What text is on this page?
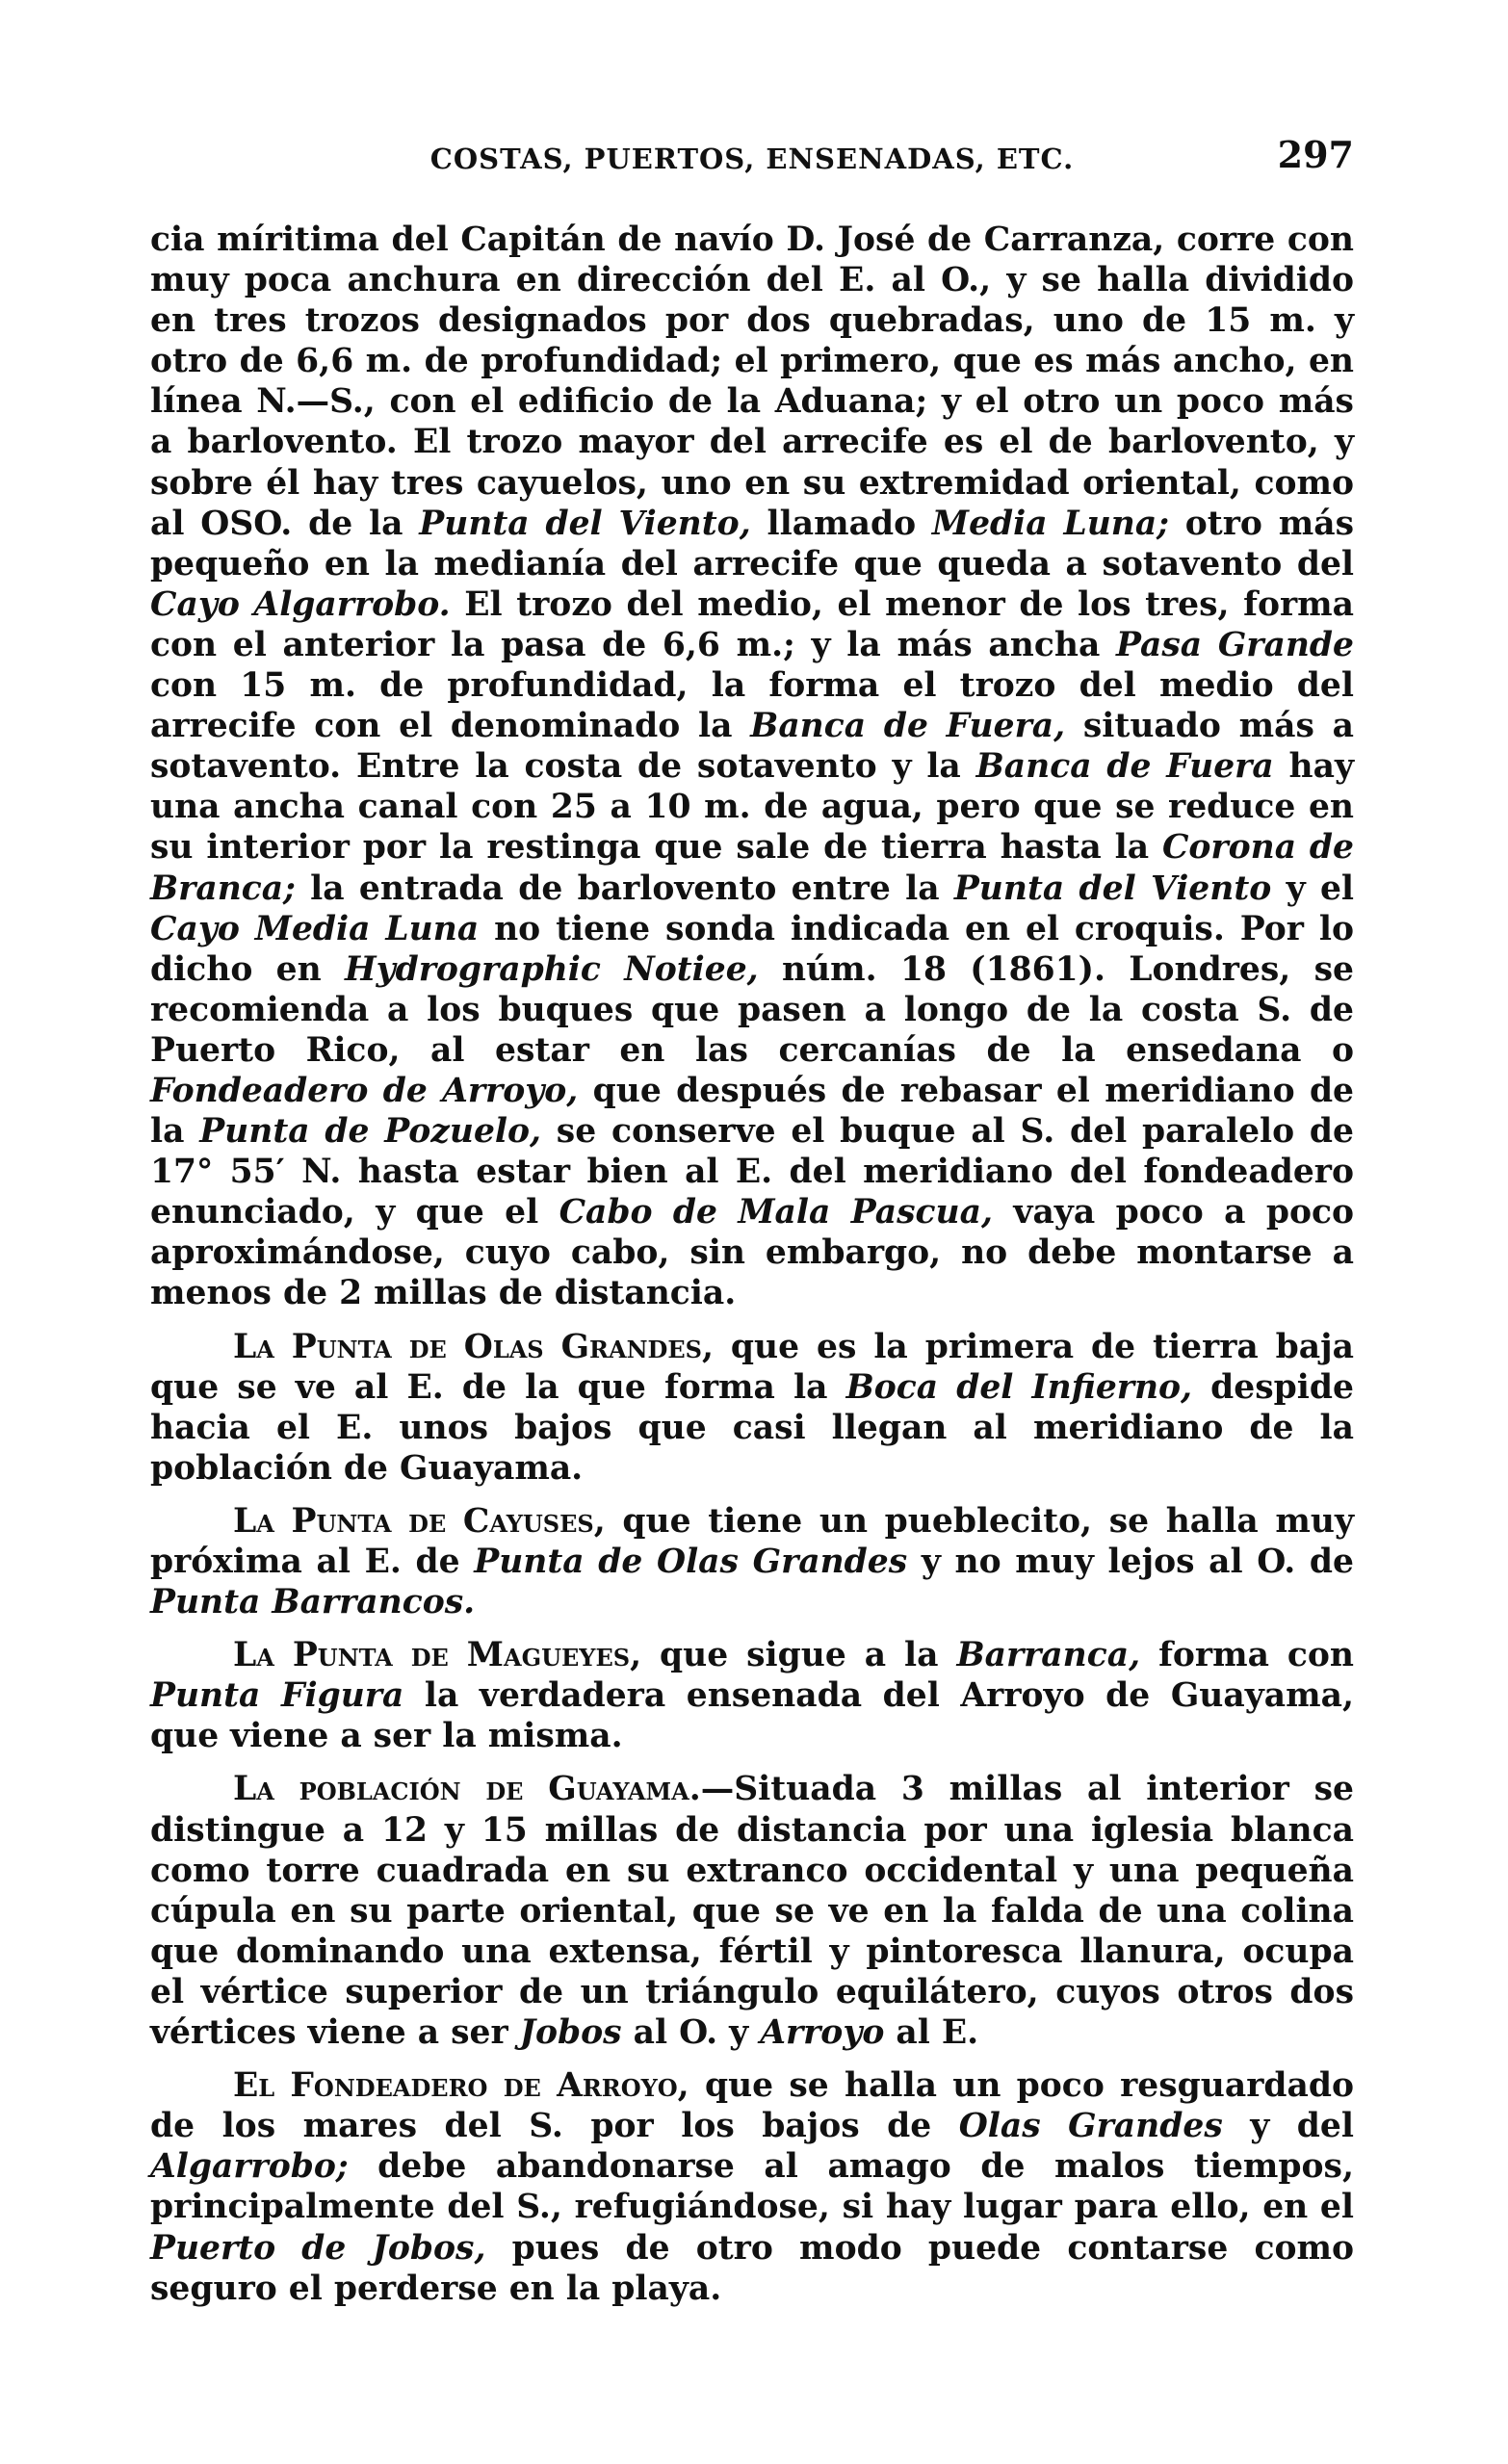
COSTAS, PUERTOS, ENSENADAS, ETC.	297

cia míritima del Capitán de navío D. José de Carranza, corre con muy poca anchura en dirección del E. al O., y se halla dividido en tres trozos designados por dos quebradas, uno de 15 m. y otro de 6,6 m. de profundidad; el primero, que es más ancho, en línea N.—S., con el edificio de la Aduana; y el otro un poco más a barlovento. El trozo mayor del arrecife es el de barlovento, y sobre él hay tres cayuelos, uno en su extremidad oriental, como al OSO. de la Punta del Viento, llamado Media Luna; otro más pequeño en la medianía del arrecife que queda a sotavento del Cayo Algarrobo. El trozo del medio, el menor de los tres, forma con el anterior la pasa de 6,6 m.; y la más ancha Pasa Grande con 15 m. de profundidad, la forma el trozo del medio del arrecife con el denominado la Banca de Fuera, situado más a sotavento. Entre la costa de sotavento y la Banca de Fuera hay una ancha canal con 25 a 10 m. de agua, pero que se reduce en su interior por la restinga que sale de tierra hasta la Corona de Branca; la entrada de barlovento entre la Punta del Viento y el Cayo Media Luna no tiene sonda indicada en el croquis. Por lo dicho en Hydrographic Notiee, núm. 18 (1861). Londres, se recomienda a los buques que pasen a longo de la costa S. de Puerto Rico, al estar en las cercanías de la ensedana o Fondeadero de Arroyo, que después de rebasar el meridiano de la Punta de Pozuelo, se conserve el buque al S. del paralelo de 17° 55′ N. hasta estar bien al E. del meridiano del fondeadero enunciado, y que el Cabo de Mala Pascua, vaya poco a poco aproximándose, cuyo cabo, sin embargo, no debe montarse a menos de 2 millas de distancia.

La Punta de Olas Grandes, que es la primera de tierra baja que se ve al E. de la que forma la Boca del Infierno, despide hacia el E. unos bajos que casi llegan al meridiano de la población de Guayama.

La Punta de Cayuses, que tiene un pueblecito, se halla muy próxima al E. de Punta de Olas Grandes y no muy lejos al O. de Punta Barrancos.

La Punta de Magueyes, que sigue a la Barranca, forma con Punta Figura la verdadera ensenada del Arroyo de Guayama, que viene a ser la misma.

La población de Guayama.—Situada 3 millas al interior se distingue a 12 y 15 millas de distancia por una iglesia blanca como torre cuadrada en su extranco occidental y una pequeña cúpula en su parte oriental, que se ve en la falda de una colina que dominando una extensa, fértil y pintoresca llanura, ocupa el vértice superior de un triángulo equilátero, cuyos otros dos vértices viene a ser Jobos al O. y Arroyo al E.

El Fondeadero de Arroyo, que se halla un poco resguardado de los mares del S. por los bajos de Olas Grandes y del Algarrobo; debe abandonarse al amago de malos tiempos, principalmente del S., refugiándose, si hay lugar para ello, en el Puerto de Jobos, pues de otro modo puede contarse como seguro el perderse en la playa.
